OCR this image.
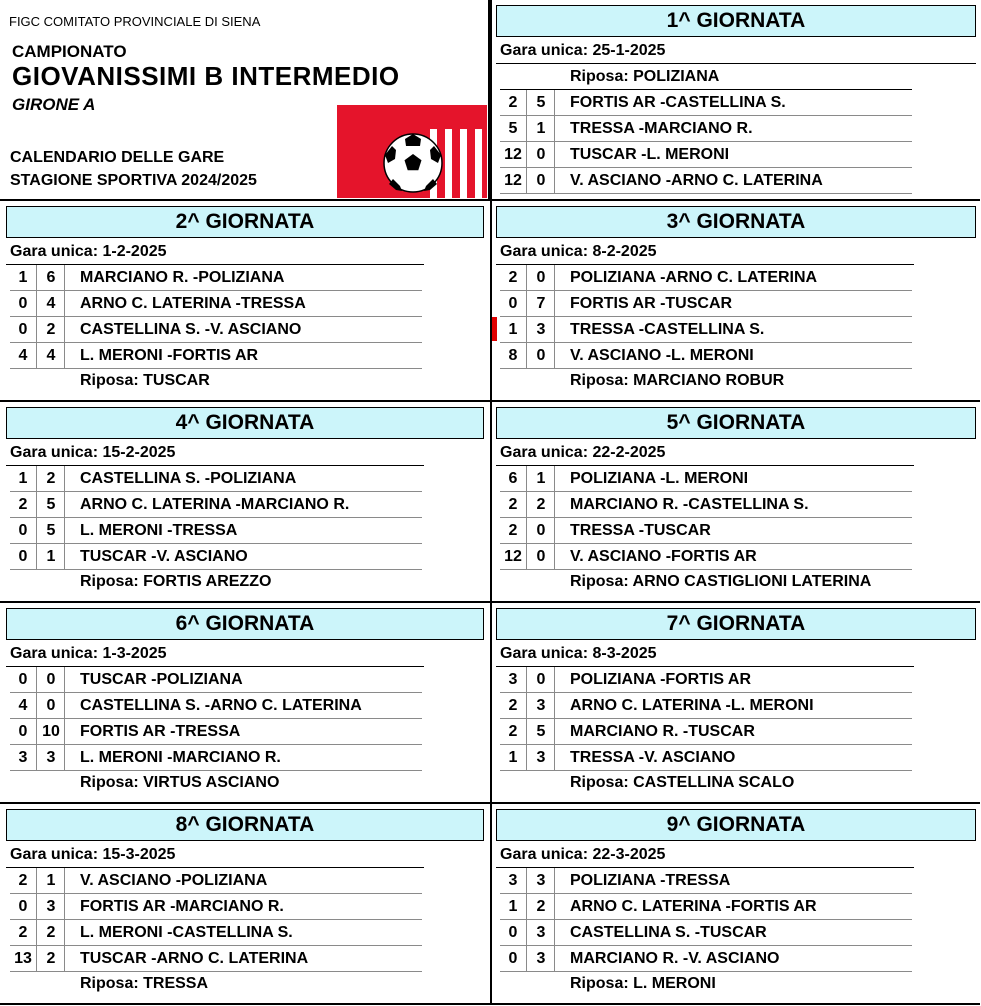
FIGC COMITATO PROVINCIALE DI SIENA
CAMPIONATO
GIOVANISSIMI B INTERMEDIO
GIRONE A
CALENDARIO DELLE GARE
STAGIONE SPORTIVA 2024/2025
1^ GIORNATA
Gara unica: 25-1-2025
Riposa: POLIZIANA
2	5	FORTIS AR -CASTELLINA S.
5	1	TRESSA -MARCIANO R.
12 0	TUSCAR -L. MERONI
12 0	V. ASCIANO -ARNO C. LATERINA
2^ GIORNATA
Gara unica: 1-2-2025
1	6	MARCIANO R. -POLIZIANA
0	4	ARNO C. LATERINA -TRESSA
0	2	CASTELLINA S. -V. ASCIANO
4	4	L. MERONI -FORTIS AR
Riposa: TUSCAR
3^ GIORNATA
Gara unica: 8-2-2025
2	0	POLIZIANA -ARNO C. LATERINA
0	7	FORTIS AR -TUSCAR
1	3	TRESSA -CASTELLINA S.
8	0	V. ASCIANO -L. MERONI
Riposa: MARCIANO ROBUR
4^ GIORNATA
Gara unica: 15-2-2025
1	2	CASTELLINA S. -POLIZIANA
2	5	ARNO C. LATERINA -MARCIANO R.
0	5	L. MERONI -TRESSA
0	1	TUSCAR -V. ASCIANO
Riposa: FORTIS AREZZO
5^ GIORNATA
Gara unica: 22-2-2025
6	1	POLIZIANA -L. MERONI
2	2	MARCIANO R. -CASTELLINA S.
2	0	TRESSA -TUSCAR
12 0	V. ASCIANO -FORTIS AR
Riposa: ARNO CASTIGLIONI LATERINA
6^ GIORNATA
Gara unica: 1-3-2025
0	0	TUSCAR -POLIZIANA
4	0	CASTELLINA S. -ARNO C. LATERINA
0 10	FORTIS AR -TRESSA
3	3	L. MERONI -MARCIANO R.
Riposa: VIRTUS ASCIANO
7^ GIORNATA
Gara unica: 8-3-2025
3	0	POLIZIANA -FORTIS AR
2	3	ARNO C. LATERINA -L. MERONI
2	5	MARCIANO R. -TUSCAR
1	3	TRESSA -V. ASCIANO
Riposa: CASTELLINA SCALO
8^ GIORNATA
Gara unica: 15-3-2025
2	1	V. ASCIANO -POLIZIANA
0	3	FORTIS AR -MARCIANO R.
2	2	L. MERONI -CASTELLINA S.
13 2	TUSCAR -ARNO C. LATERINA
Riposa: TRESSA
9^ GIORNATA
Gara unica: 22-3-2025
3	3	POLIZIANA -TRESSA
1	2	ARNO C. LATERINA -FORTIS AR
0	3	CASTELLINA S. -TUSCAR
0	3	MARCIANO R. -V. ASCIANO
Riposa: L. MERONI
